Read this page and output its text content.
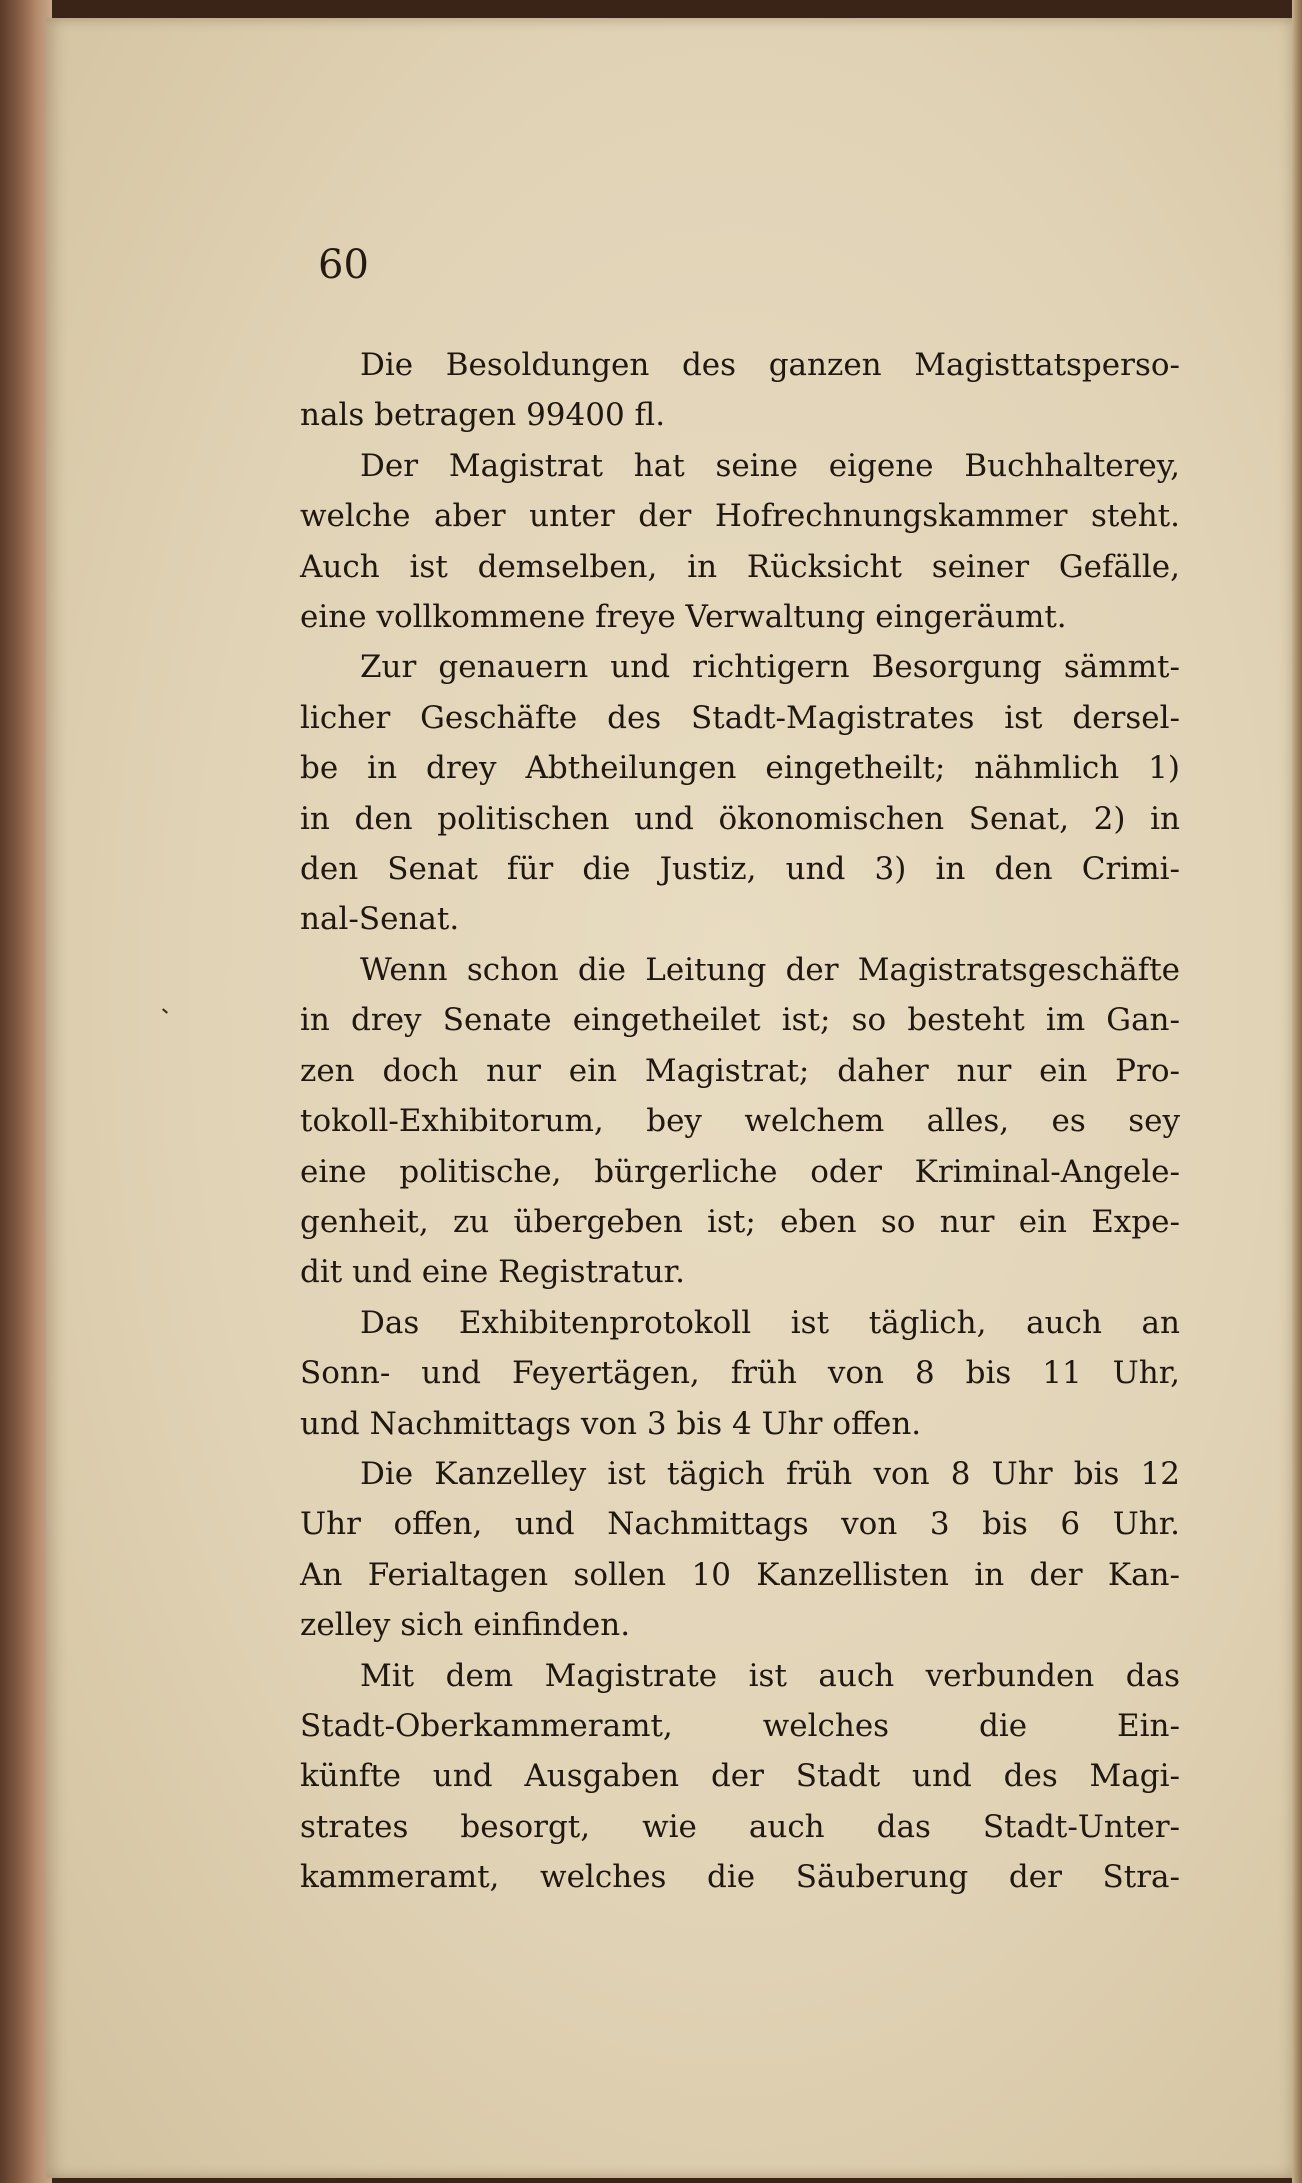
60
Die Besoldungen des ganzen Magisttatsperso-
nals betragen 99400 fl.
Der Magistrat hat seine eigene Buchhalterey,
welche aber unter der Hofrechnungskammer steht.
Auch ist demselben, in Rücksicht seiner Gefälle,
eine vollkommene freye Verwaltung eingeräumt.
Zur genauern und richtigern Besorgung sämmt-
licher Geschäfte des Stadt-Magistrates ist dersel-
be in drey Abtheilungen eingetheilt; nähmlich 1)
in den politischen und ökonomischen Senat, 2) in
den Senat für die Justiz, und 3) in den Crimi-
nal-Senat.
Wenn schon die Leitung der Magistratsgeschäfte
in drey Senate eingetheilet ist; so besteht im Gan-
zen doch nur ein Magistrat; daher nur ein Pro-
tokoll-Exhibitorum, bey welchem alles, es sey
eine politische, bürgerliche oder Kriminal-Angele-
genheit, zu übergeben ist; eben so nur ein Expe-
dit und eine Registratur.
Das Exhibitenprotokoll ist täglich, auch an
Sonn- und Feyertägen, früh von 8 bis 11 Uhr,
und Nachmittags von 3 bis 4 Uhr offen.
Die Kanzelley ist tägich früh von 8 Uhr bis 12
Uhr offen, und Nachmittags von 3 bis 6 Uhr.
An Ferialtagen sollen 10 Kanzellisten in der Kan-
zelley sich einfinden.
Mit dem Magistrate ist auch verbunden das
Stadt-Oberkammeramt, welches die Ein-
künfte und Ausgaben der Stadt und des Magi-
strates besorgt, wie auch das Stadt-Unter-
kammeramt, welches die Säuberung der Stra-
